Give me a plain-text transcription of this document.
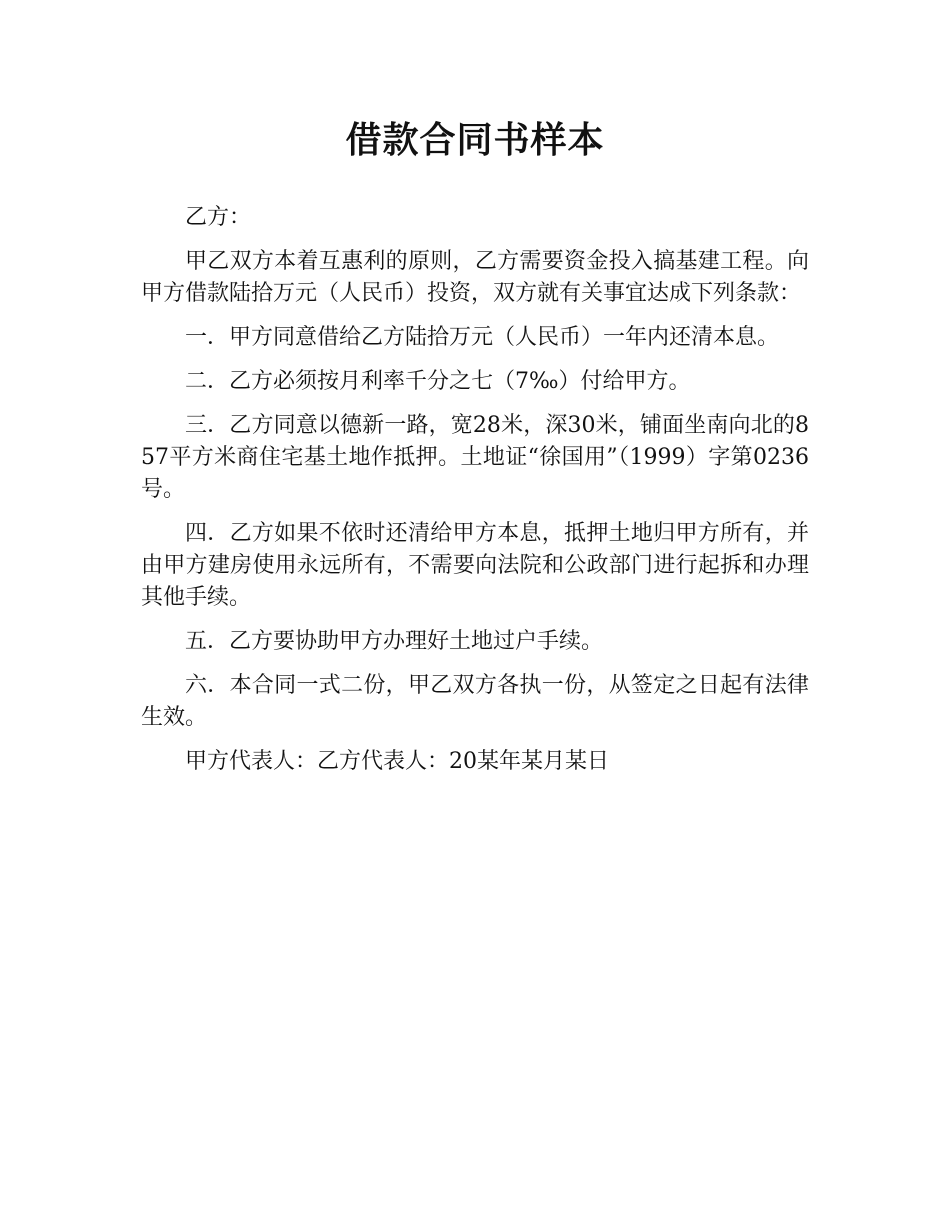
借款合同书样本

乙方：

甲乙双方本着互惠利的原则，乙方需要资金投入搞基建工程。向甲方借款陆拾万元（人民币）投资，双方就有关事宜达成下列条款：

一．甲方同意借给乙方陆拾万元（人民币）一年内还清本息。

二．乙方必须按月利率千分之七（7‰）付给甲方。

三．乙方同意以德新一路，宽28米，深30米，铺面坐南向北的857平方米商住宅基土地作抵押。土地证“徐国用”（1999）字第0236号。

四．乙方如果不依时还清给甲方本息，抵押土地归甲方所有，并由甲方建房使用永远所有，不需要向法院和公政部门进行起拆和办理其他手续。

五．乙方要协助甲方办理好土地过户手续。

六．本合同一式二份，甲乙双方各执一份，从签定之日起有法律生效。

甲方代表人：乙方代表人：20某年某月某日
